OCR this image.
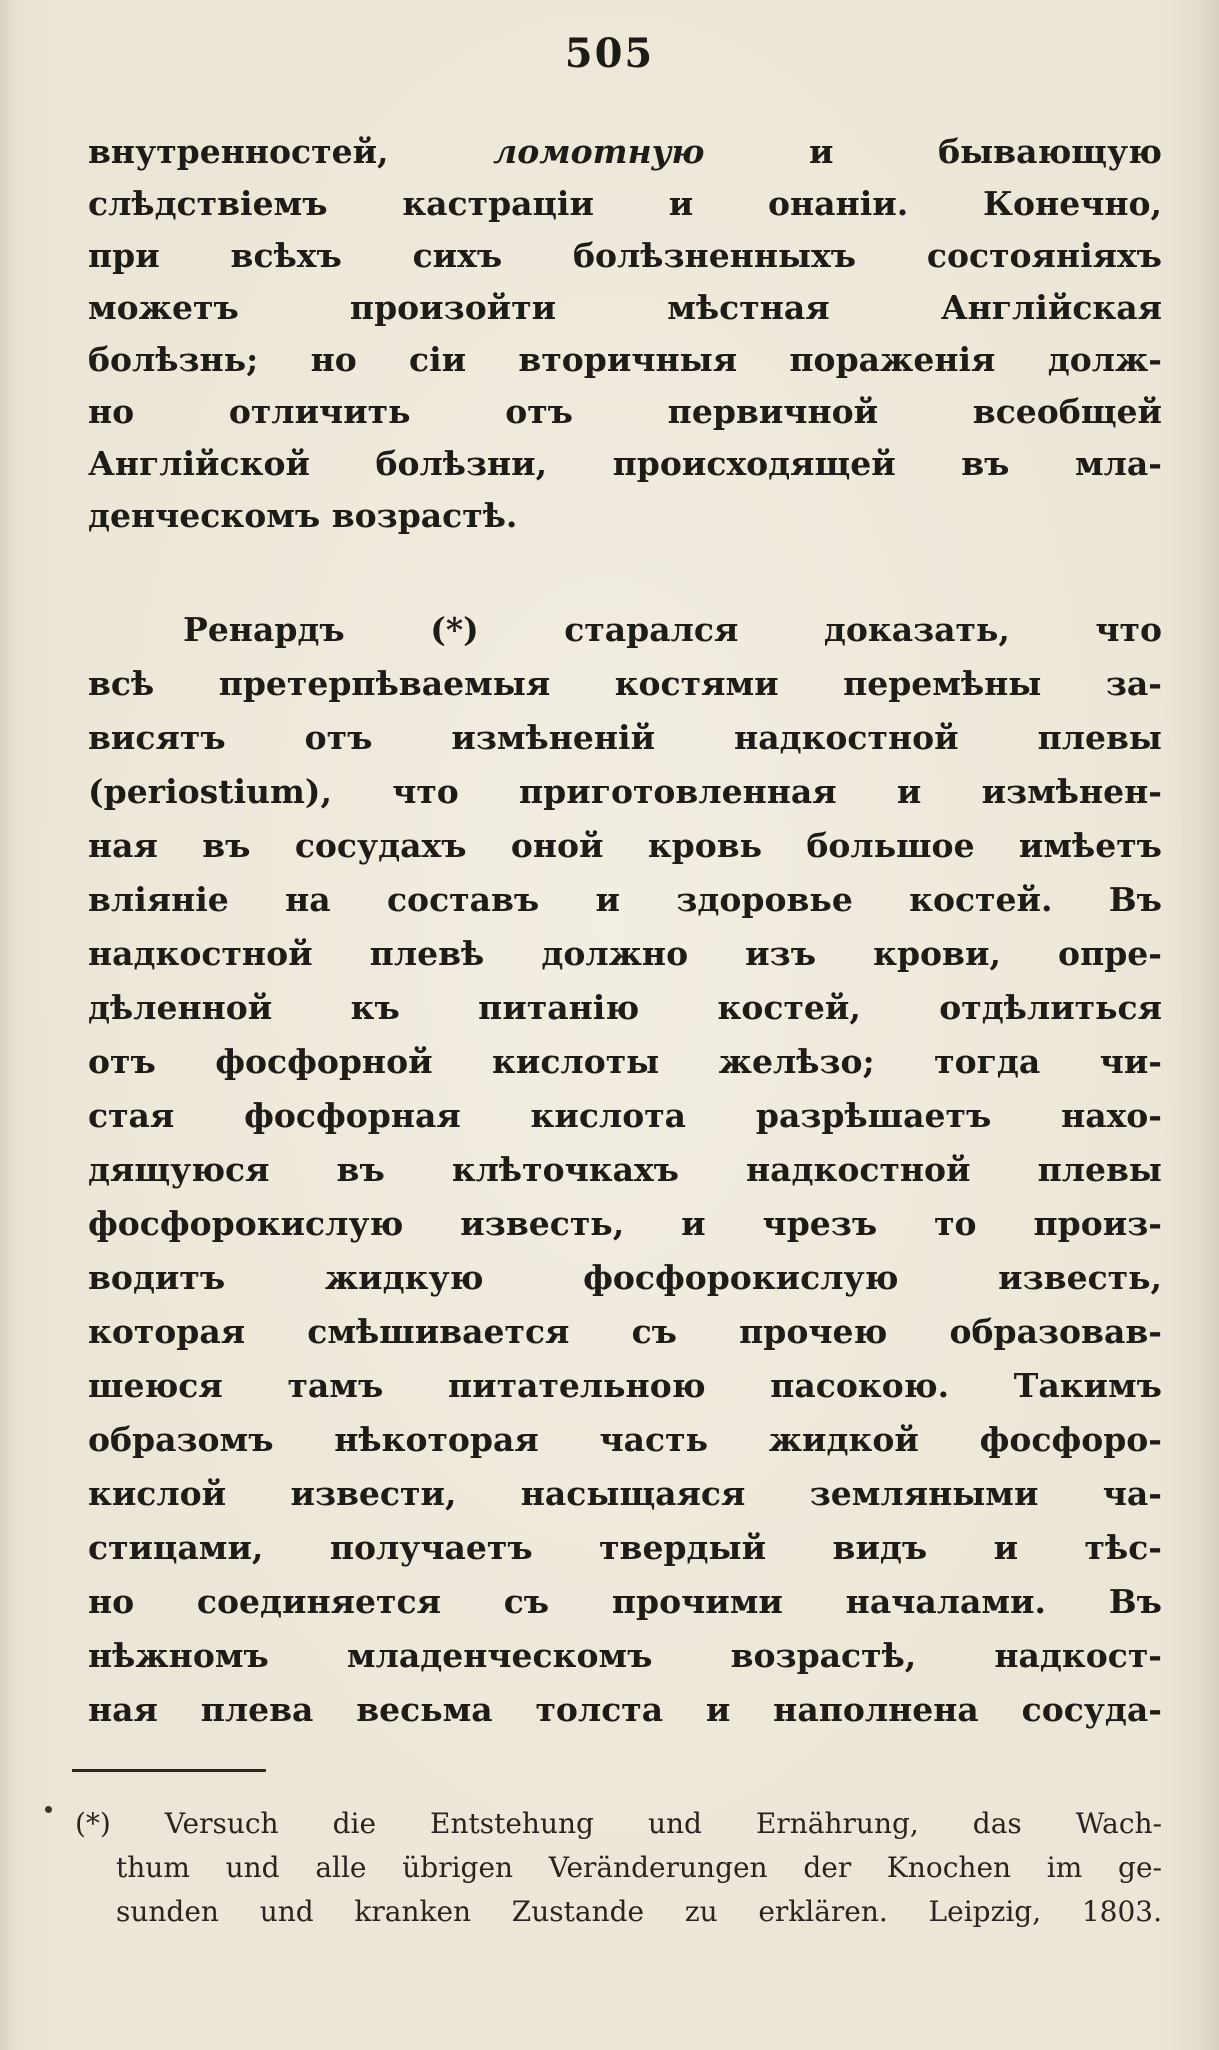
505
внутренностей, ломотную и бывающую
слѣдствіемъ кастраціи и онаніи. Конечно,
при всѣхъ сихъ болѣзненныхъ состояніяхъ
можетъ произойти мѣстная Англійская
болѣзнь; но сіи вторичныя пораженія долж-
но отличить отъ первичной всеобщей
Англійской болѣзни, происходящей въ мла-
денческомъ возрастѣ.
Ренардъ (*) старался доказать, что
всѣ претерпѣваемыя костями перемѣны за-
висятъ отъ измѣненій надкостной плевы
(periostium), что приготовленная и измѣнен-
ная въ сосудахъ оной кровь большое имѣетъ
вліяніе на составъ и здоровье костей. Въ
надкостной плевѣ должно изъ крови, опре-
дѣленной къ питанію костей, отдѣлиться
отъ фосфорной кислоты желѣзо; тогда чи-
стая фосфорная кислота разрѣшаетъ нахо-
дящуюся въ клѣточкахъ надкостной плевы
фосфорокислую известь, и чрезъ то произ-
водитъ жидкую фосфорокислую известь,
которая смѣшивается съ прочею образовав-
шеюся тамъ питательною пасокою. Такимъ
образомъ нѣкоторая часть жидкой фосфоро-
кислой извести, насыщаяся земляными ча-
стицами, получаетъ твердый видъ и тѣс-
но соединяется съ прочими началами. Въ
нѣжномъ младенческомъ возрастѣ, надкост-
ная плева весьма толста и наполнена сосуда-
(*) Versuch die Entstehung und Ernährung, das Wach-
thum und alle übrigen Veränderungen der Knochen im ge-
sunden und kranken Zustande zu erklären. Leipzig, 1803.
